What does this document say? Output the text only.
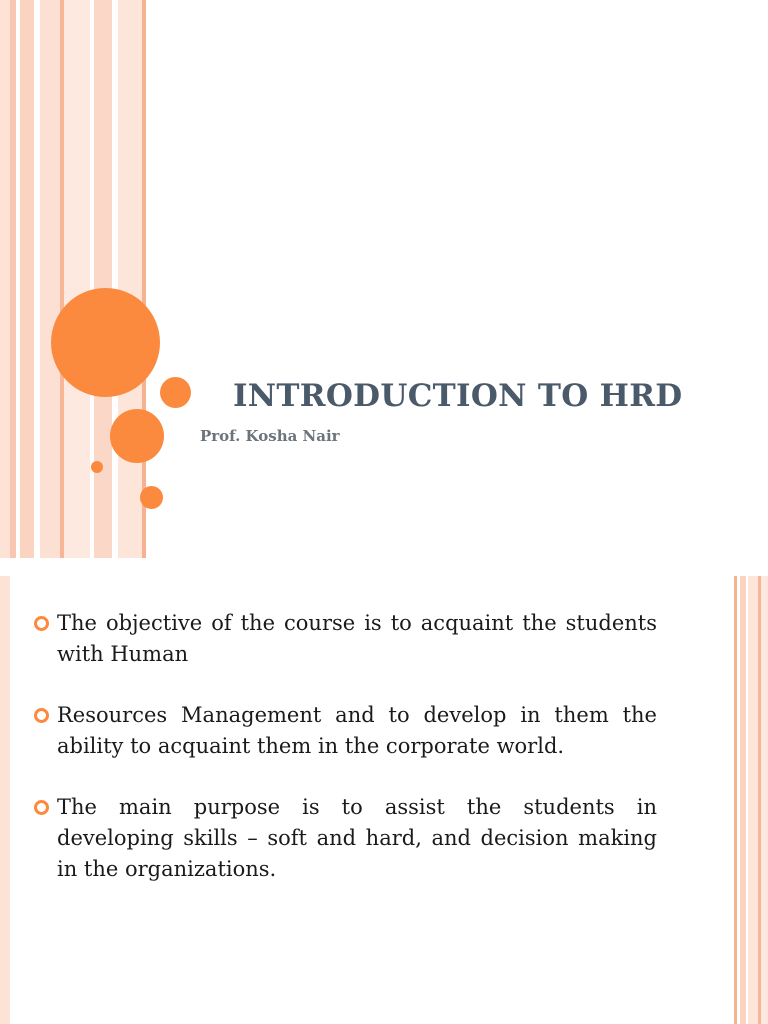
INTRODUCTION TO HRD

Prof. Kosha Nair

The objective of the course is to acquaint the students with Human
Resources Management and to develop in them the ability to acquaint them in the corporate world.
The main purpose is to assist the students in developing skills – soft and hard, and decision making in the organizations.
